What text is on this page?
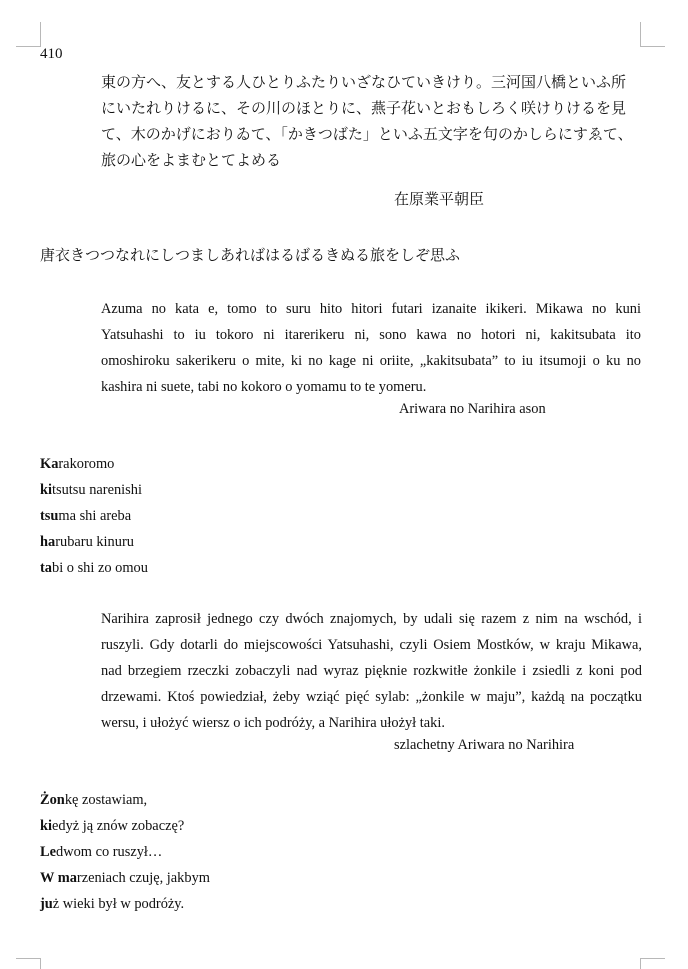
410

東の方へ、友とする人ひとりふたりいざなひていきけり。三河国八橋といふ所

にいたれりけるに、その川のほとりに、燕子花いとおもしろく咲けりけるを見

て、木のかげにおりゐて、「かきつばた」といふ五文字を句のかしらにすゑて、

旅の心をよまむとてよめる

在原業平朝臣
唐衣きつつなれにしつましあればはるばるきぬる旅をしぞ思ふ

Azuma no kata e, tomo to suru hito hitori futari izanaite ikikeri. Mikawa no kuni

Yatsuhashi to iu tokoro ni itarerikeru ni, sono kawa no hotori ni, kakitsubata ito

omoshiroku sakerikeru o mite, ki no kage ni oriite, „kakitsubata” to iu itsumoji o ku no

kashira ni suete, tabi no kokoro o yomamu to te yomeru.

Ariwara no Narihira ason
Karakoromo
kitsutsu narenishi
tsuma shi areba
harubaru kinuru
tabi o shi zo omou

Narihira zaprosił jednego czy dwóch znajomych, by udali się razem z nim na wschód, i

ruszyli. Gdy dotarli do miejscowości Yatsuhashi, czyli Osiem Mostków, w kraju Mikawa,

nad brzegiem rzeczki zobaczyli nad wyraz pięknie rozkwitłe żonkile i zsiedli z koni pod

drzewami. Ktoś powiedział, żeby wziąć pięć sylab: „żonkile w maju”, każdą na początku

wersu, i ułożyć wiersz o ich podróży, a Narihira ułożył taki.

szlachetny Ariwara no Narihira
Żonkę zostawiam,
kiedyż ją znów zobaczę?
Ledwom co ruszył…
W marzeniach czuję, jakbym
już wieki był w podróży.
